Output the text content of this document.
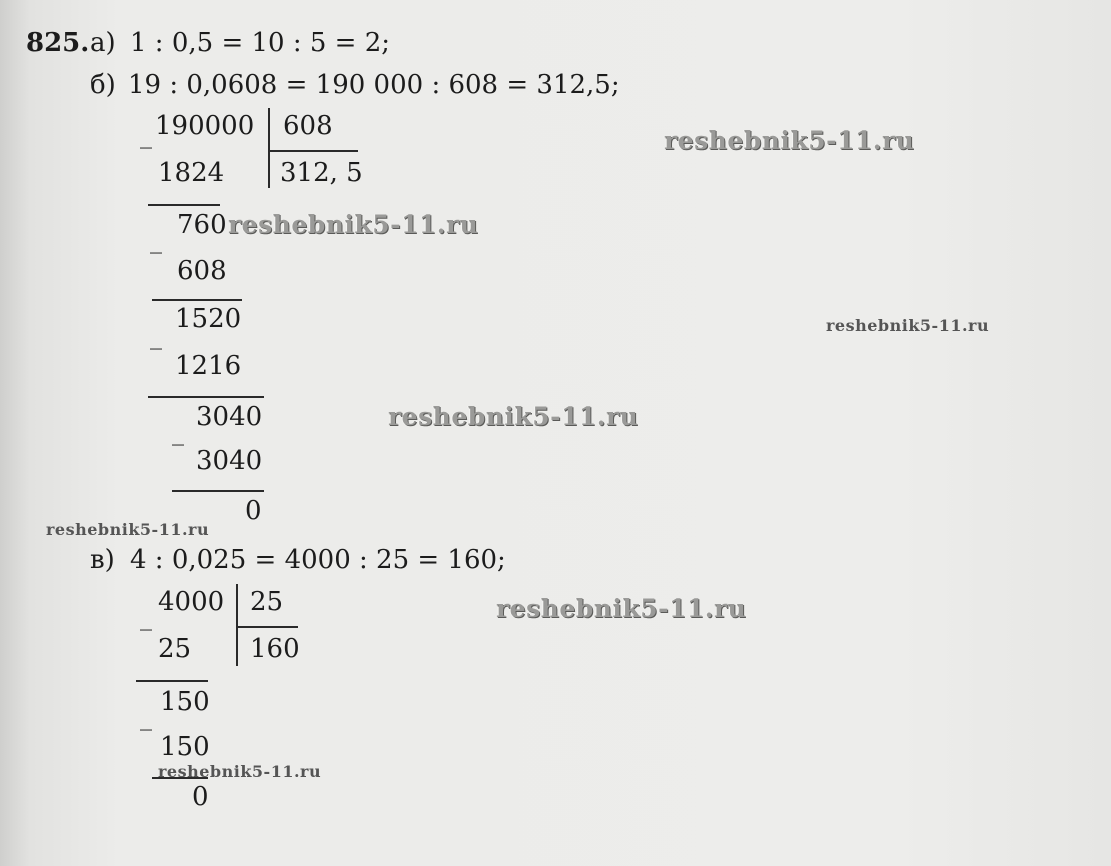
825. а) 1 : 0,5 = 10 : 5 = 2;
б) 19 : 0,0608 = 190 000 : 608 = 312,5;
_ 190000 608
312, 5
1824
_ 760
608
_
1520
1216
_ 3040
3040
0
в) 4 : 0,025 = 4000 : 25 = 160;
_ 4000 25
160
25
_ 150
150
0
reshebnik5-11.ru
reshebnik5-11.ru
reshebnik5-11.ru
reshebnik5-11.ru
reshebnik5-11.ru
reshebnik5-11.ru
reshebnik5-11.ru
